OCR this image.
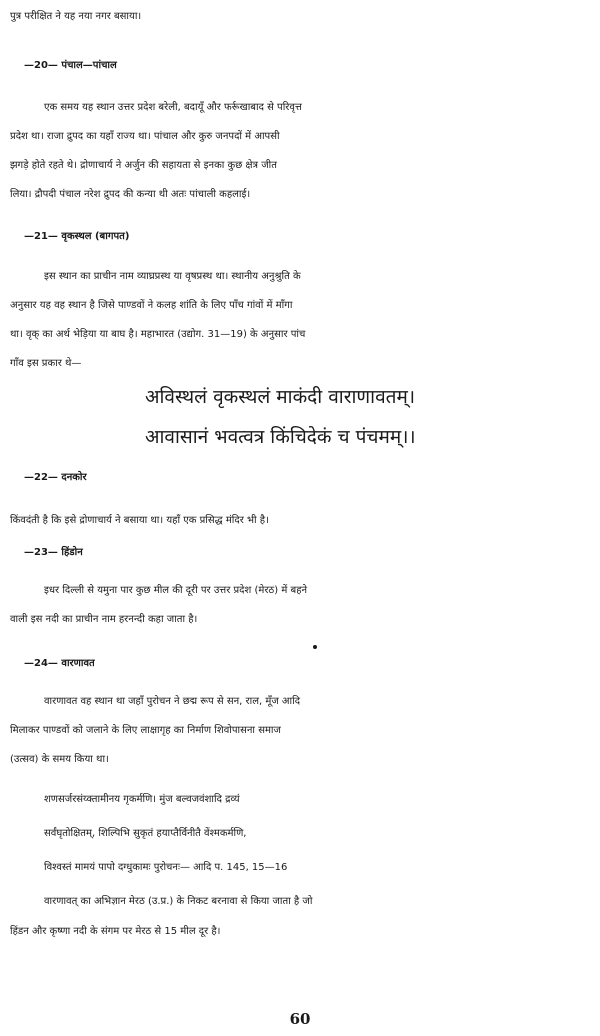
पुत्र परीक्षित ने यह नया नगर बसाया।
—20— पंचाल—पांचाल
एक समय यह स्थान उत्तर प्रदेश बरेली, बदायूँ और फर्रूखाबाद से परिवृत्त
प्रदेश था। राजा द्रुपद का यहाँ राज्य था। पांचाल और कुरु जनपदों में आपसी
झगड़े होते रहते थे। द्रोणाचार्य ने अर्जुन की सहायता से इनका कुछ क्षेत्र जीत
लिया। द्रौपदी पंचाल नरेश द्रुपद की कन्या थी अतः पांचाली कहलाई।
—21— वृकस्थल (बागपत)
इस स्थान का प्राचीन नाम व्याघ्रप्रस्थ या वृषप्रस्थ था। स्थानीय अनुश्रुति के
अनुसार यह वह स्थान है जिसे पाण्डवों ने कलह शांति के लिए पाँच गांवों में माँगा
था। वृक् का अर्थ भेड़िया या बाघ है। महाभारत (उद्योग. 31—19) के अनुसार पांच
गाँव इस प्रकार थे—
अविस्थलं वृकस्थलं माकंदी वाराणावतम्।
आवासानं भवत्वत्र किंचिदेकं च पंचमम्।।
—22— दनकोर
किंवदंती है कि इसे द्रोणाचार्य ने बसाया था। यहाँ एक प्रसिद्ध मंदिर भी है।
—23— हिंडोन
इधर दिल्ली से यमुना पार कुछ मील की दूरी पर उत्तर प्रदेश (मेरठ) में बहने
वाली इस नदी का प्राचीन नाम हरनन्दी कहा जाता है।
—24— वारणावत
वारणावत वह स्थान था जहाँ पुरोचन ने छद्म रूप से सन, राल, मूँज आदि
मिलाकर पाण्डवों को जलाने के लिए लाक्षागृह का निर्माण शिवोपासना समाज
(उत्सव) के समय किया था।
शणसर्जरसंय्क्तामीनय गृकर्मणि। मुंज बल्वजवंशादि द्रव्यं
सर्वंघृतोक्षितम्, शिल्पिभि सुकृतं हयाप्तैर्विनीतै वेंश्मकर्मणि,
विश्वस्तं मामयं पापो दग्धुकामः पुरोचनः— आदि प. 145, 15—16
वारणावत् का अभिज्ञान मेरठ (उ.प्र.) के निकट बरनावा से किया जाता है जो
हिंडन और कृष्णा नदी के संगम पर मेरठ से 15 मील दूर है।
60
